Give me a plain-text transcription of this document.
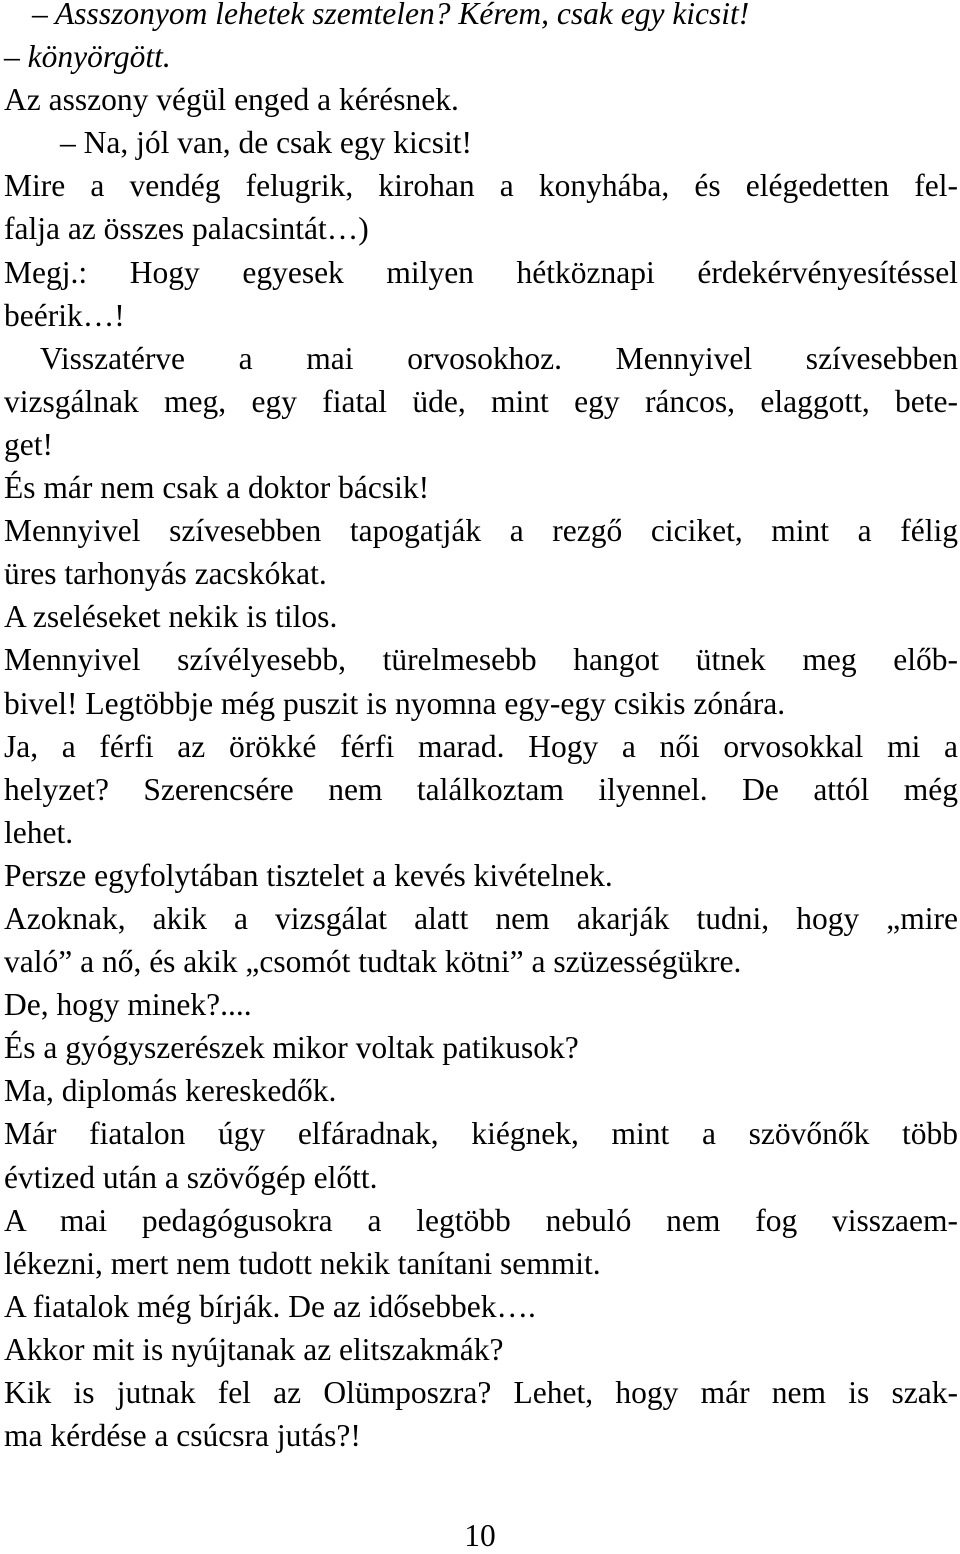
– Assszonyom lehetek szemtelen? Kérem, csak egy kicsit!
– könyörgött.
Az asszony végül enged a kérésnek.
– Na, jól van, de csak egy kicsit!
Mire a vendég felugrik, kirohan a konyhába, és elégedetten fel-
falja az összes palacsintát…)
Megj.: Hogy egyesek milyen hétköznapi érdekérvényesítéssel
beérik…!
Visszatérve a mai orvosokhoz. Mennyivel szívesebben
vizsgálnak meg, egy fiatal üde, mint egy ráncos, elaggott, bete-
get!
És már nem csak a doktor bácsik!
Mennyivel szívesebben tapogatják a rezgő ciciket, mint a félig
üres tarhonyás zacskókat.
A zseléseket nekik is tilos.
Mennyivel szívélyesebb, türelmesebb hangot ütnek meg előb-
bivel! Legtöbbje még puszit is nyomna egy-egy csikis zónára.
Ja, a férfi az örökké férfi marad. Hogy a női orvosokkal mi a
helyzet? Szerencsére nem találkoztam ilyennel. De attól még
lehet.
Persze egyfolytában tisztelet a kevés kivételnek.
Azoknak, akik a vizsgálat alatt nem akarják tudni, hogy „mire
való” a nő, és akik „csomót tudtak kötni” a szüzességükre.
De, hogy minek?....
És a gyógyszerészek mikor voltak patikusok?
Ma, diplomás kereskedők.
Már fiatalon úgy elfáradnak, kiégnek, mint a szövőnők több
évtized után a szövőgép előtt.
A mai pedagógusokra a legtöbb nebuló nem fog visszaem-
lékezni, mert nem tudott nekik tanítani semmit.
A fiatalok még bírják. De az idősebbek….
Akkor mit is nyújtanak az elitszakmák?
Kik is jutnak fel az Olümposzra? Lehet, hogy már nem is szak-
ma kérdése a csúcsra jutás?!
10
